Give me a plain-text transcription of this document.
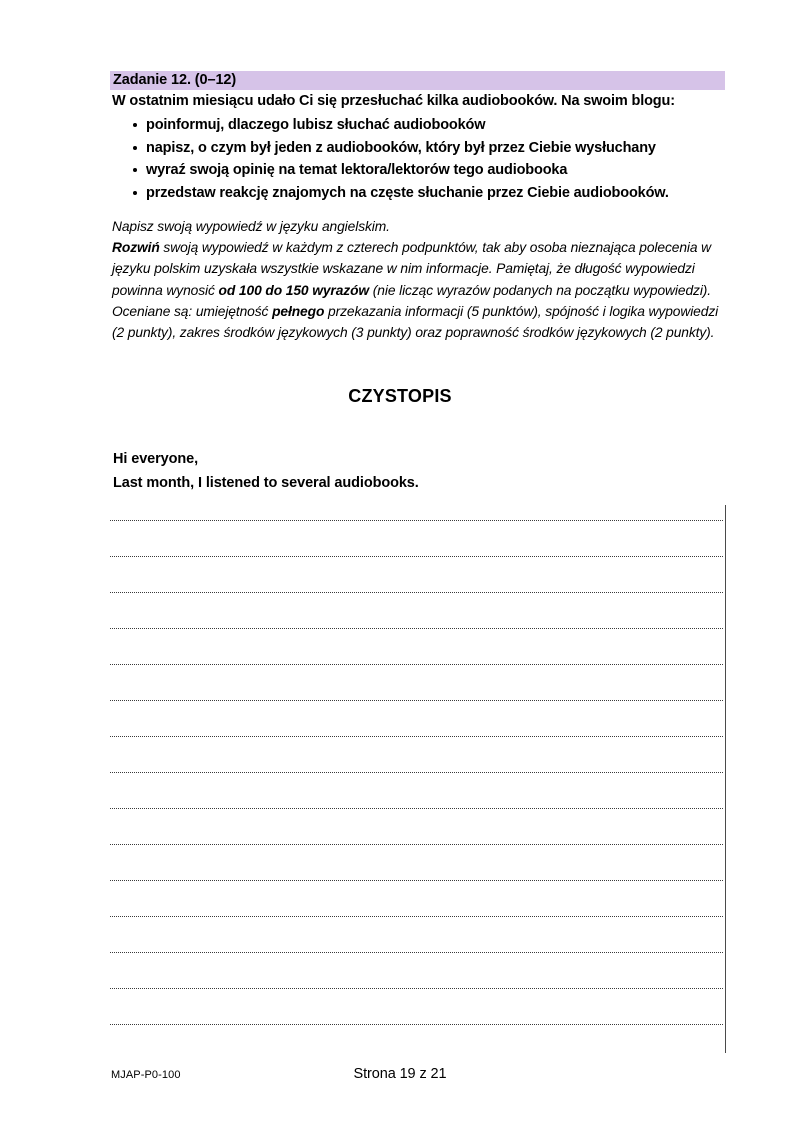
Zadanie 12. (0–12)
W ostatnim miesiącu udało Ci się przesłuchać kilka audiobooków. Na swoim blogu:
poinformuj, dlaczego lubisz słuchać audiobooków
napisz, o czym był jeden z audiobooków, który był przez Ciebie wysłuchany
wyraź swoją opinię na temat lektora/lektorów tego audiobooka
przedstaw reakcję znajomych na częste słuchanie przez Ciebie audiobooków.
Napisz swoją wypowiedź w języku angielskim.
Rozwiń swoją wypowiedź w każdym z czterech podpunktów, tak aby osoba nieznająca polecenia w języku polskim uzyskała wszystkie wskazane w nim informacje. Pamiętaj, że długość wypowiedzi powinna wynosić od 100 do 150 wyrazów (nie licząc wyrazów podanych na początku wypowiedzi). Oceniane są: umiejętność pełnego przekazania informacji (5 punktów), spójność i logika wypowiedzi (2 punkty), zakres środków językowych (3 punkty) oraz poprawność środków językowych (2 punkty).
CZYSTOPIS
Hi everyone,
Last month, I listened to several audiobooks.
MJAP-P0-100	Strona 19 z 21
